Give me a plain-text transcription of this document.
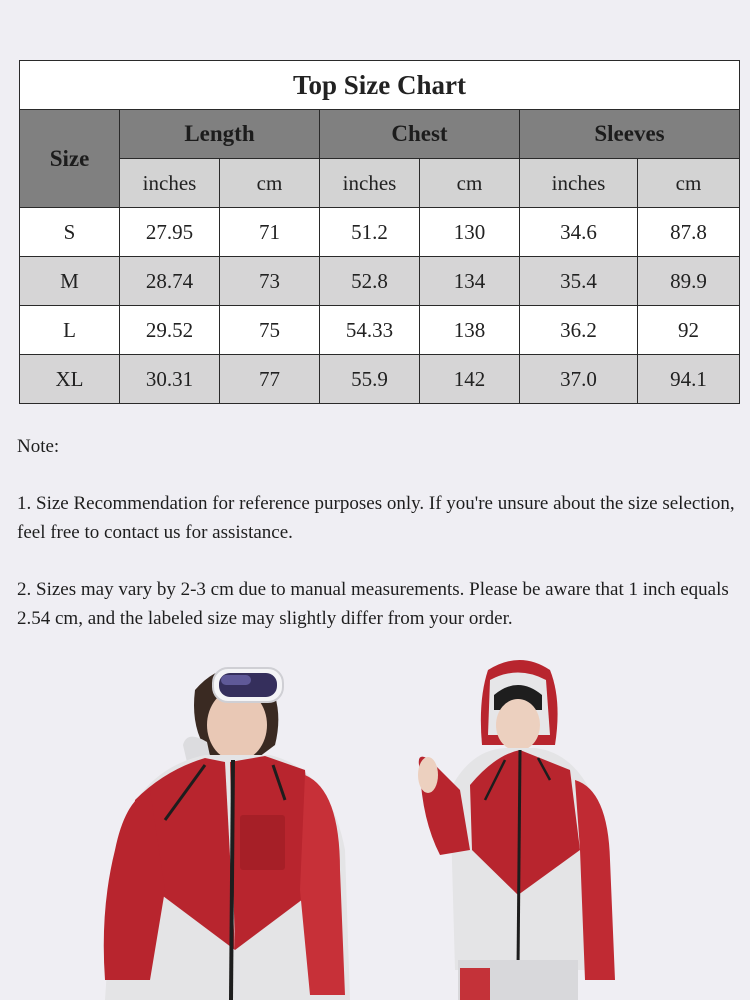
Top Size Chart						
Size	Length		Chest		Sleeves	
	inches	cm	inches	cm	inches	cm
S	27.95	71	51.2	130	34.6	87.8
M	28.74	73	52.8	134	35.4	89.9
L	29.52	75	54.33	138	36.2	92
XL	30.31	77	55.9	142	37.0	94.1

Note:

1. Size Recommendation for reference purposes only. If you're unsure about the size selection, feel free to contact us for assistance.

2. Sizes may vary by 2-3 cm due to manual measurements. Please be aware that 1 inch equals 2.54 cm, and the labeled size may slightly differ from your order.
